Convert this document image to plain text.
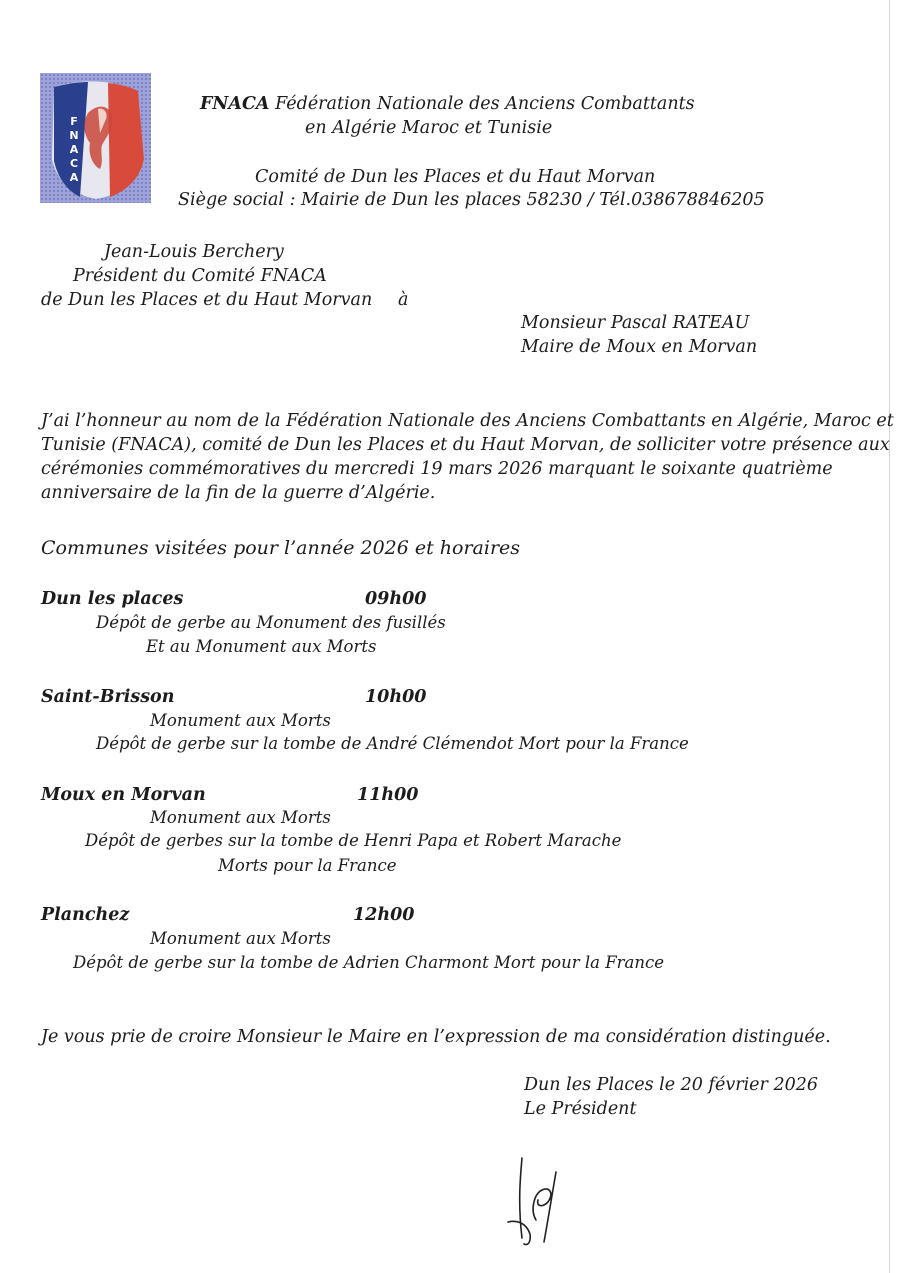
F
N
A
C
A
FNACA Fédération Nationale des Anciens Combattants
en Algérie Maroc et Tunisie
Comité de Dun les Places et du Haut Morvan
Siège social : Mairie de Dun les places 58230 / Tél.038678846205
Jean-Louis Berchery
Président du Comité FNACA
de Dun les Places et du Haut Morvan à
Monsieur Pascal RATEAU
Maire de Moux en Morvan
J’ai l’honneur au nom de la Fédération Nationale des Anciens Combattants en Algérie, Maroc et
Tunisie (FNACA), comité de Dun les Places et du Haut Morvan, de solliciter votre présence aux
cérémonies commémoratives du mercredi 19 mars 2026 marquant le soixante quatrième
anniversaire de la fin de la guerre d’Algérie.
Communes visitées pour l’année 2026 et horaires
Dun les places	09h00
Dépôt de gerbe au Monument des fusillés
Et au Monument aux Morts
Saint-Brisson	10h00
Monument aux Morts
Dépôt de gerbe sur la tombe de André Clémendot Mort pour la France
Moux en Morvan	11h00
Monument aux Morts
Dépôt de gerbes sur la tombe de Henri Papa et Robert Marache
Morts pour la France
Planchez	12h00
Monument aux Morts
Dépôt de gerbe sur la tombe de Adrien Charmont Mort pour la France
Je vous prie de croire Monsieur le Maire en l’expression de ma considération distinguée.
Dun les Places le 20 février 2026
Le Président
